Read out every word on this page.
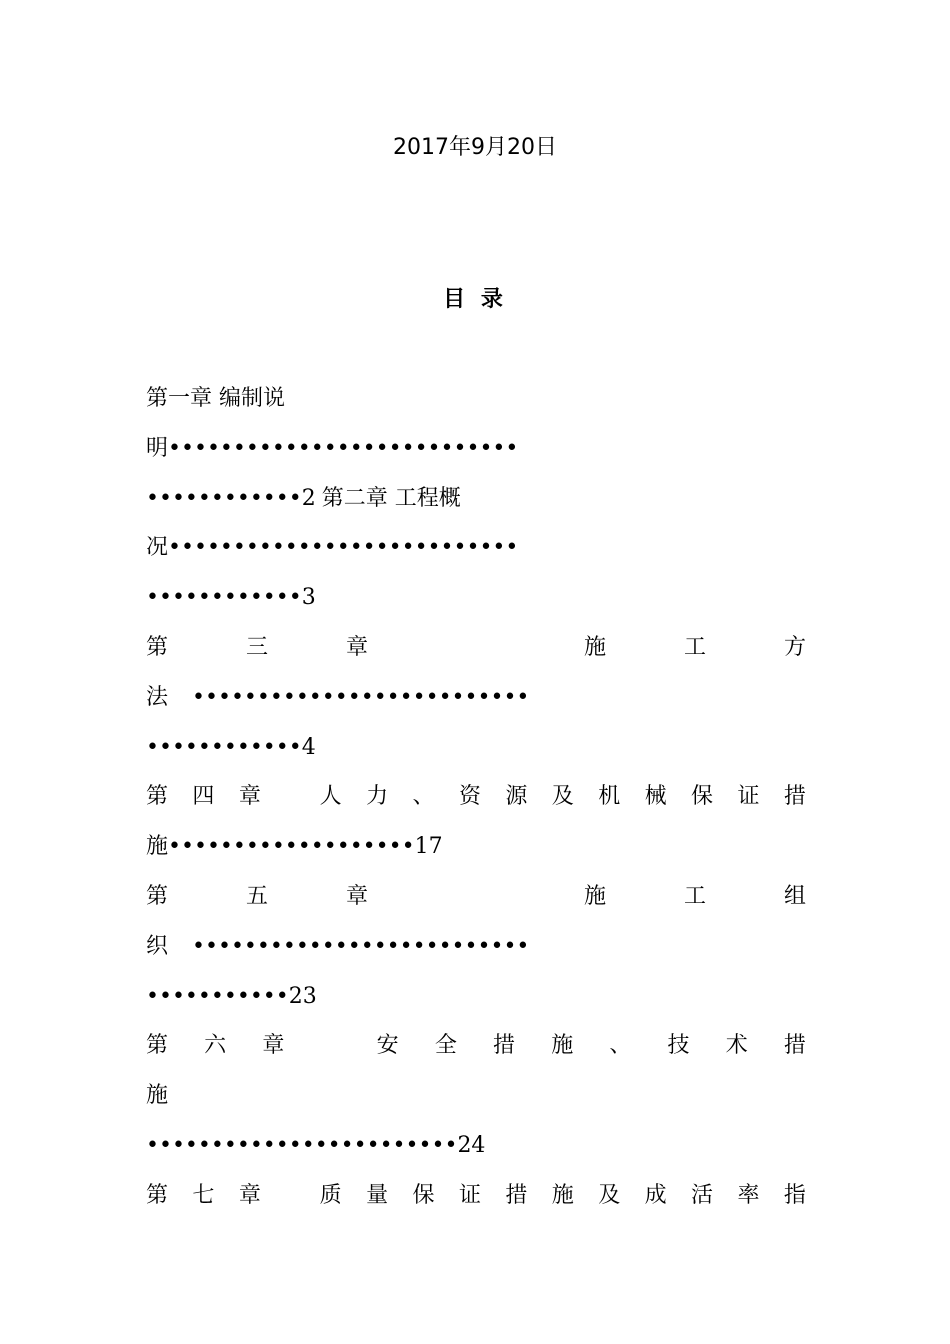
2017年9月20日
目 录
第一章 编制说
明•••••••••••••••••••••••••••
••••••••••••2 第二章 工程概
况•••••••••••••••••••••••••••
••••••••••••3
第	三	章	施	工	方
法 ••••••••••••••••••••••••••
••••••••••••4
第 四 章	人 力 、 资 源 及 机 械 保 证 措
施•••••••••••••••••••17
第	五	章	施	工	组
织 ••••••••••••••••••••••••••
•••••••••••23
第 六 章	安 全 措 施 、 技 术 措
施
••••••••••••••••••••••••24
第 七 章	质 量 保 证 措 施 及 成 活 率 指
